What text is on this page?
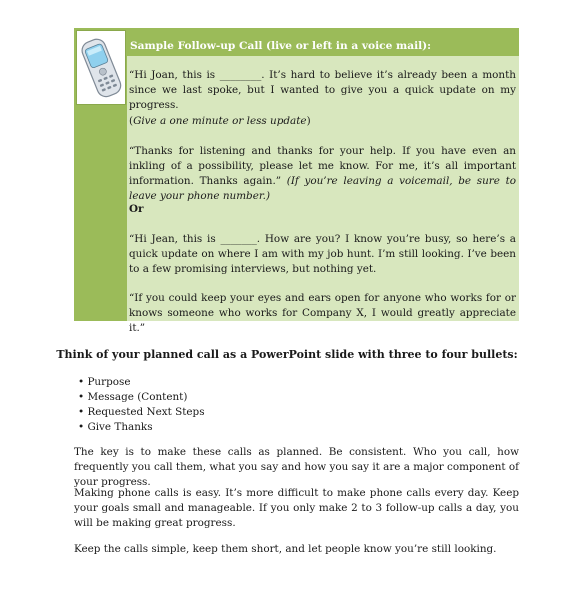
Sample Follow-up Call (live or left in a voice mail):

“Hi Joan, this is ________. It’s hard to believe it’s already been a month since we last spoke, but I wanted to give you a quick update on my progress.

(Give a one minute or less update)

“Thanks for listening and thanks for your help. If you have even an inkling of a possibility, please let me know. For me, it’s all important information. Thanks again.” (If you’re leaving a voicemail, be sure to leave your phone number.)

Or

“Hi Jean, this is _______. How are you? I know you’re busy, so here’s a quick update on where I am with my job hunt. I’m still looking. I’ve been to a few promising interviews, but nothing yet.

“If you could keep your eyes and ears open for anyone who works for or knows someone who works for Company X, I would greatly appreciate it.”

Think of your planned call as a PowerPoint slide with three to four bullets:
• Purpose
• Message (Content)
• Requested Next Steps
• Give Thanks

The key is to make these calls as planned. Be consistent. Who you call, how frequently you call them, what you say and how you say it are a major component of your progress.

Making phone calls is easy. It’s more difficult to make phone calls every day. Keep your goals small and manageable. If you only make 2 to 3 follow-up calls a day, you will be making great progress.

Keep the calls simple, keep them short, and let people know you’re still looking.
